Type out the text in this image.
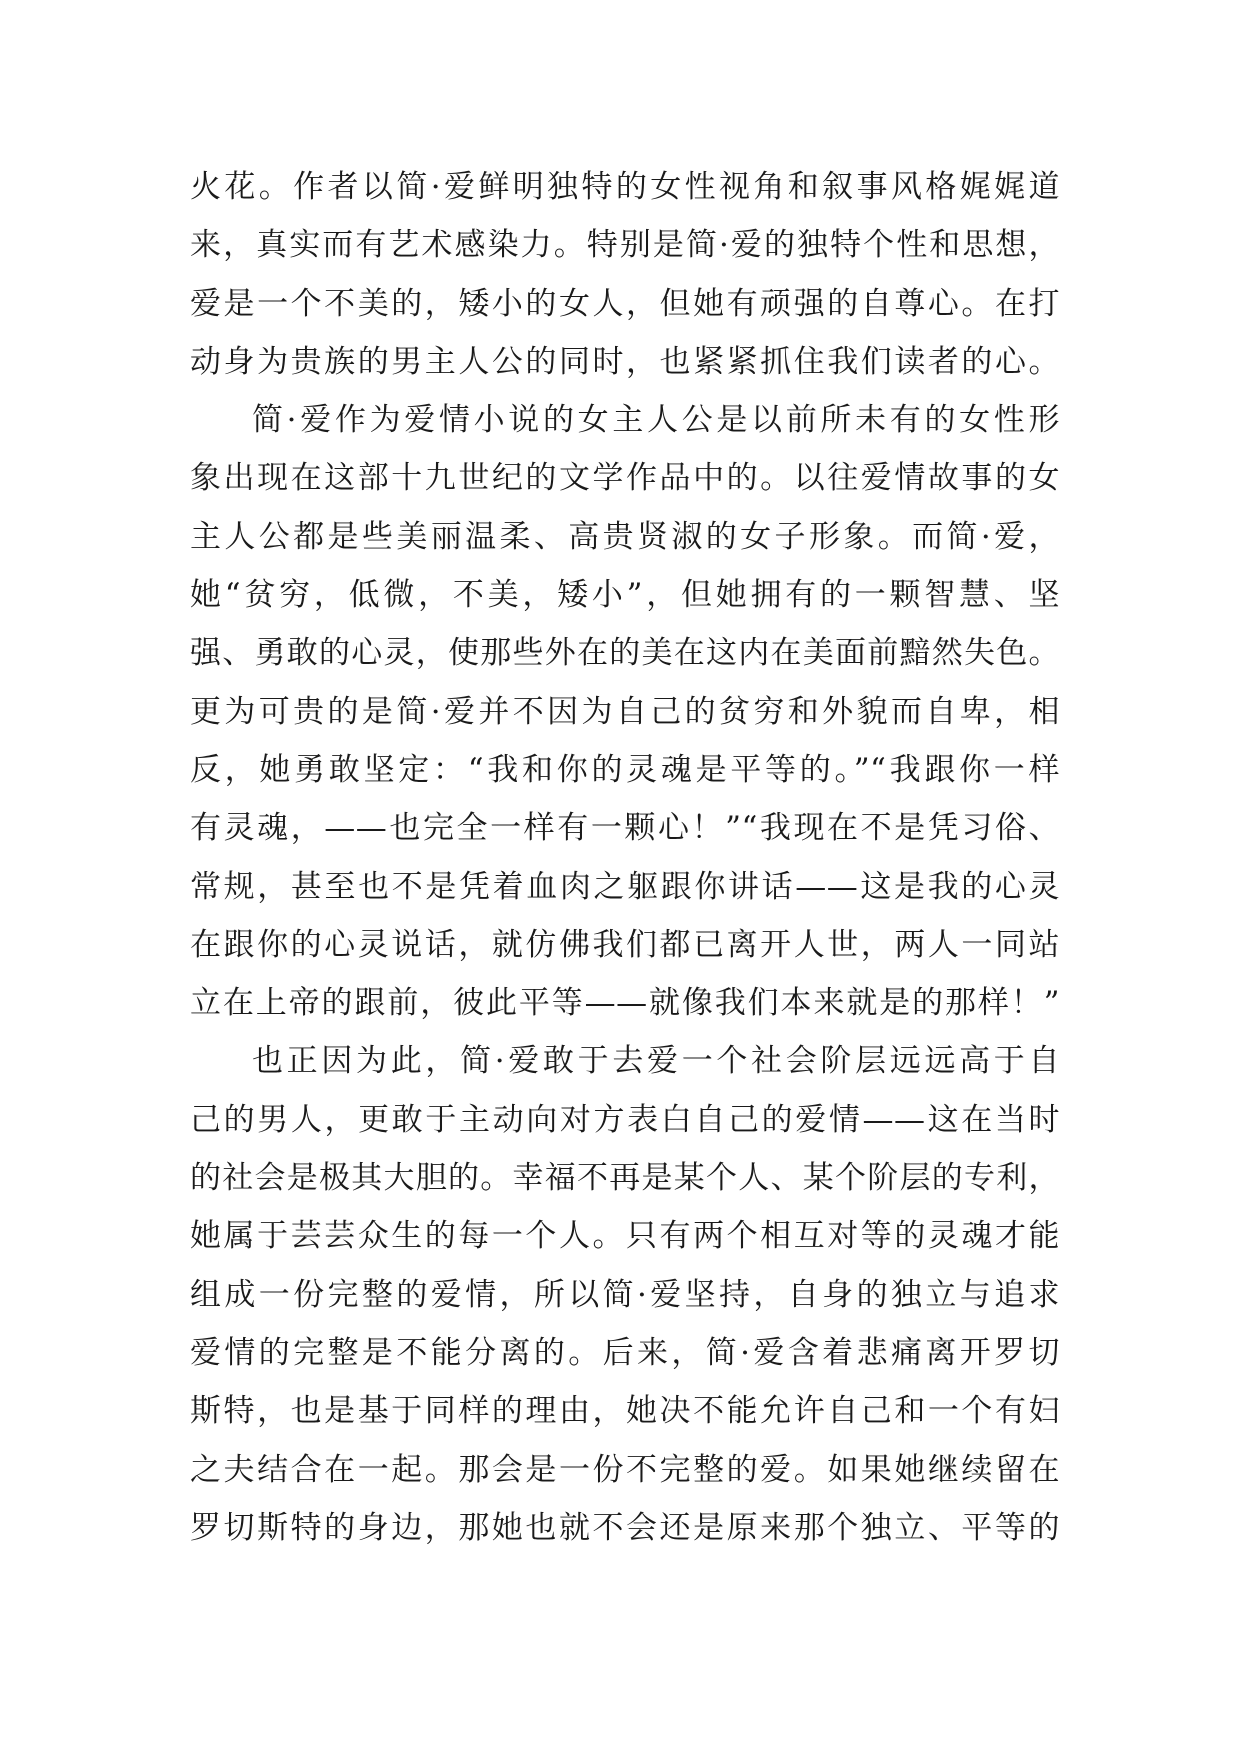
火花。作者以简·爱鲜明独特的女性视角和叙事风格娓娓道
来，真实而有艺术感染力。特别是简·爱的独特个性和思想，
爱是一个不美的，矮小的女人，但她有顽强的自尊心。在打
动身为贵族的男主人公的同时，也紧紧抓住我们读者的心。
简·爱作为爱情小说的女主人公是以前所未有的女性形
象出现在这部十九世纪的文学作品中的。以往爱情故事的女
主人公都是些美丽温柔、高贵贤淑的女子形象。而简·爱，
她“贫穷，低微，不美，矮小”，但她拥有的一颗智慧、坚
强、勇敢的心灵，使那些外在的美在这内在美面前黯然失色。
更为可贵的是简·爱并不因为自己的贫穷和外貌而自卑，相
反，她勇敢坚定：“我和你的灵魂是平等的。”“我跟你一样
有灵魂，——也完全一样有一颗心！”“我现在不是凭习俗、
常规，甚至也不是凭着血肉之躯跟你讲话——这是我的心灵
在跟你的心灵说话，就仿佛我们都已离开人世，两人一同站
立在上帝的跟前，彼此平等——就像我们本来就是的那样！”
也正因为此，简·爱敢于去爱一个社会阶层远远高于自
己的男人，更敢于主动向对方表白自己的爱情——这在当时
的社会是极其大胆的。幸福不再是某个人、某个阶层的专利，
她属于芸芸众生的每一个人。只有两个相互对等的灵魂才能
组成一份完整的爱情，所以简·爱坚持，自身的独立与追求
爱情的完整是不能分离的。后来，简·爱含着悲痛离开罗切
斯特，也是基于同样的理由，她决不能允许自己和一个有妇
之夫结合在一起。那会是一份不完整的爱。如果她继续留在
罗切斯特的身边，那她也就不会还是原来那个独立、平等的
